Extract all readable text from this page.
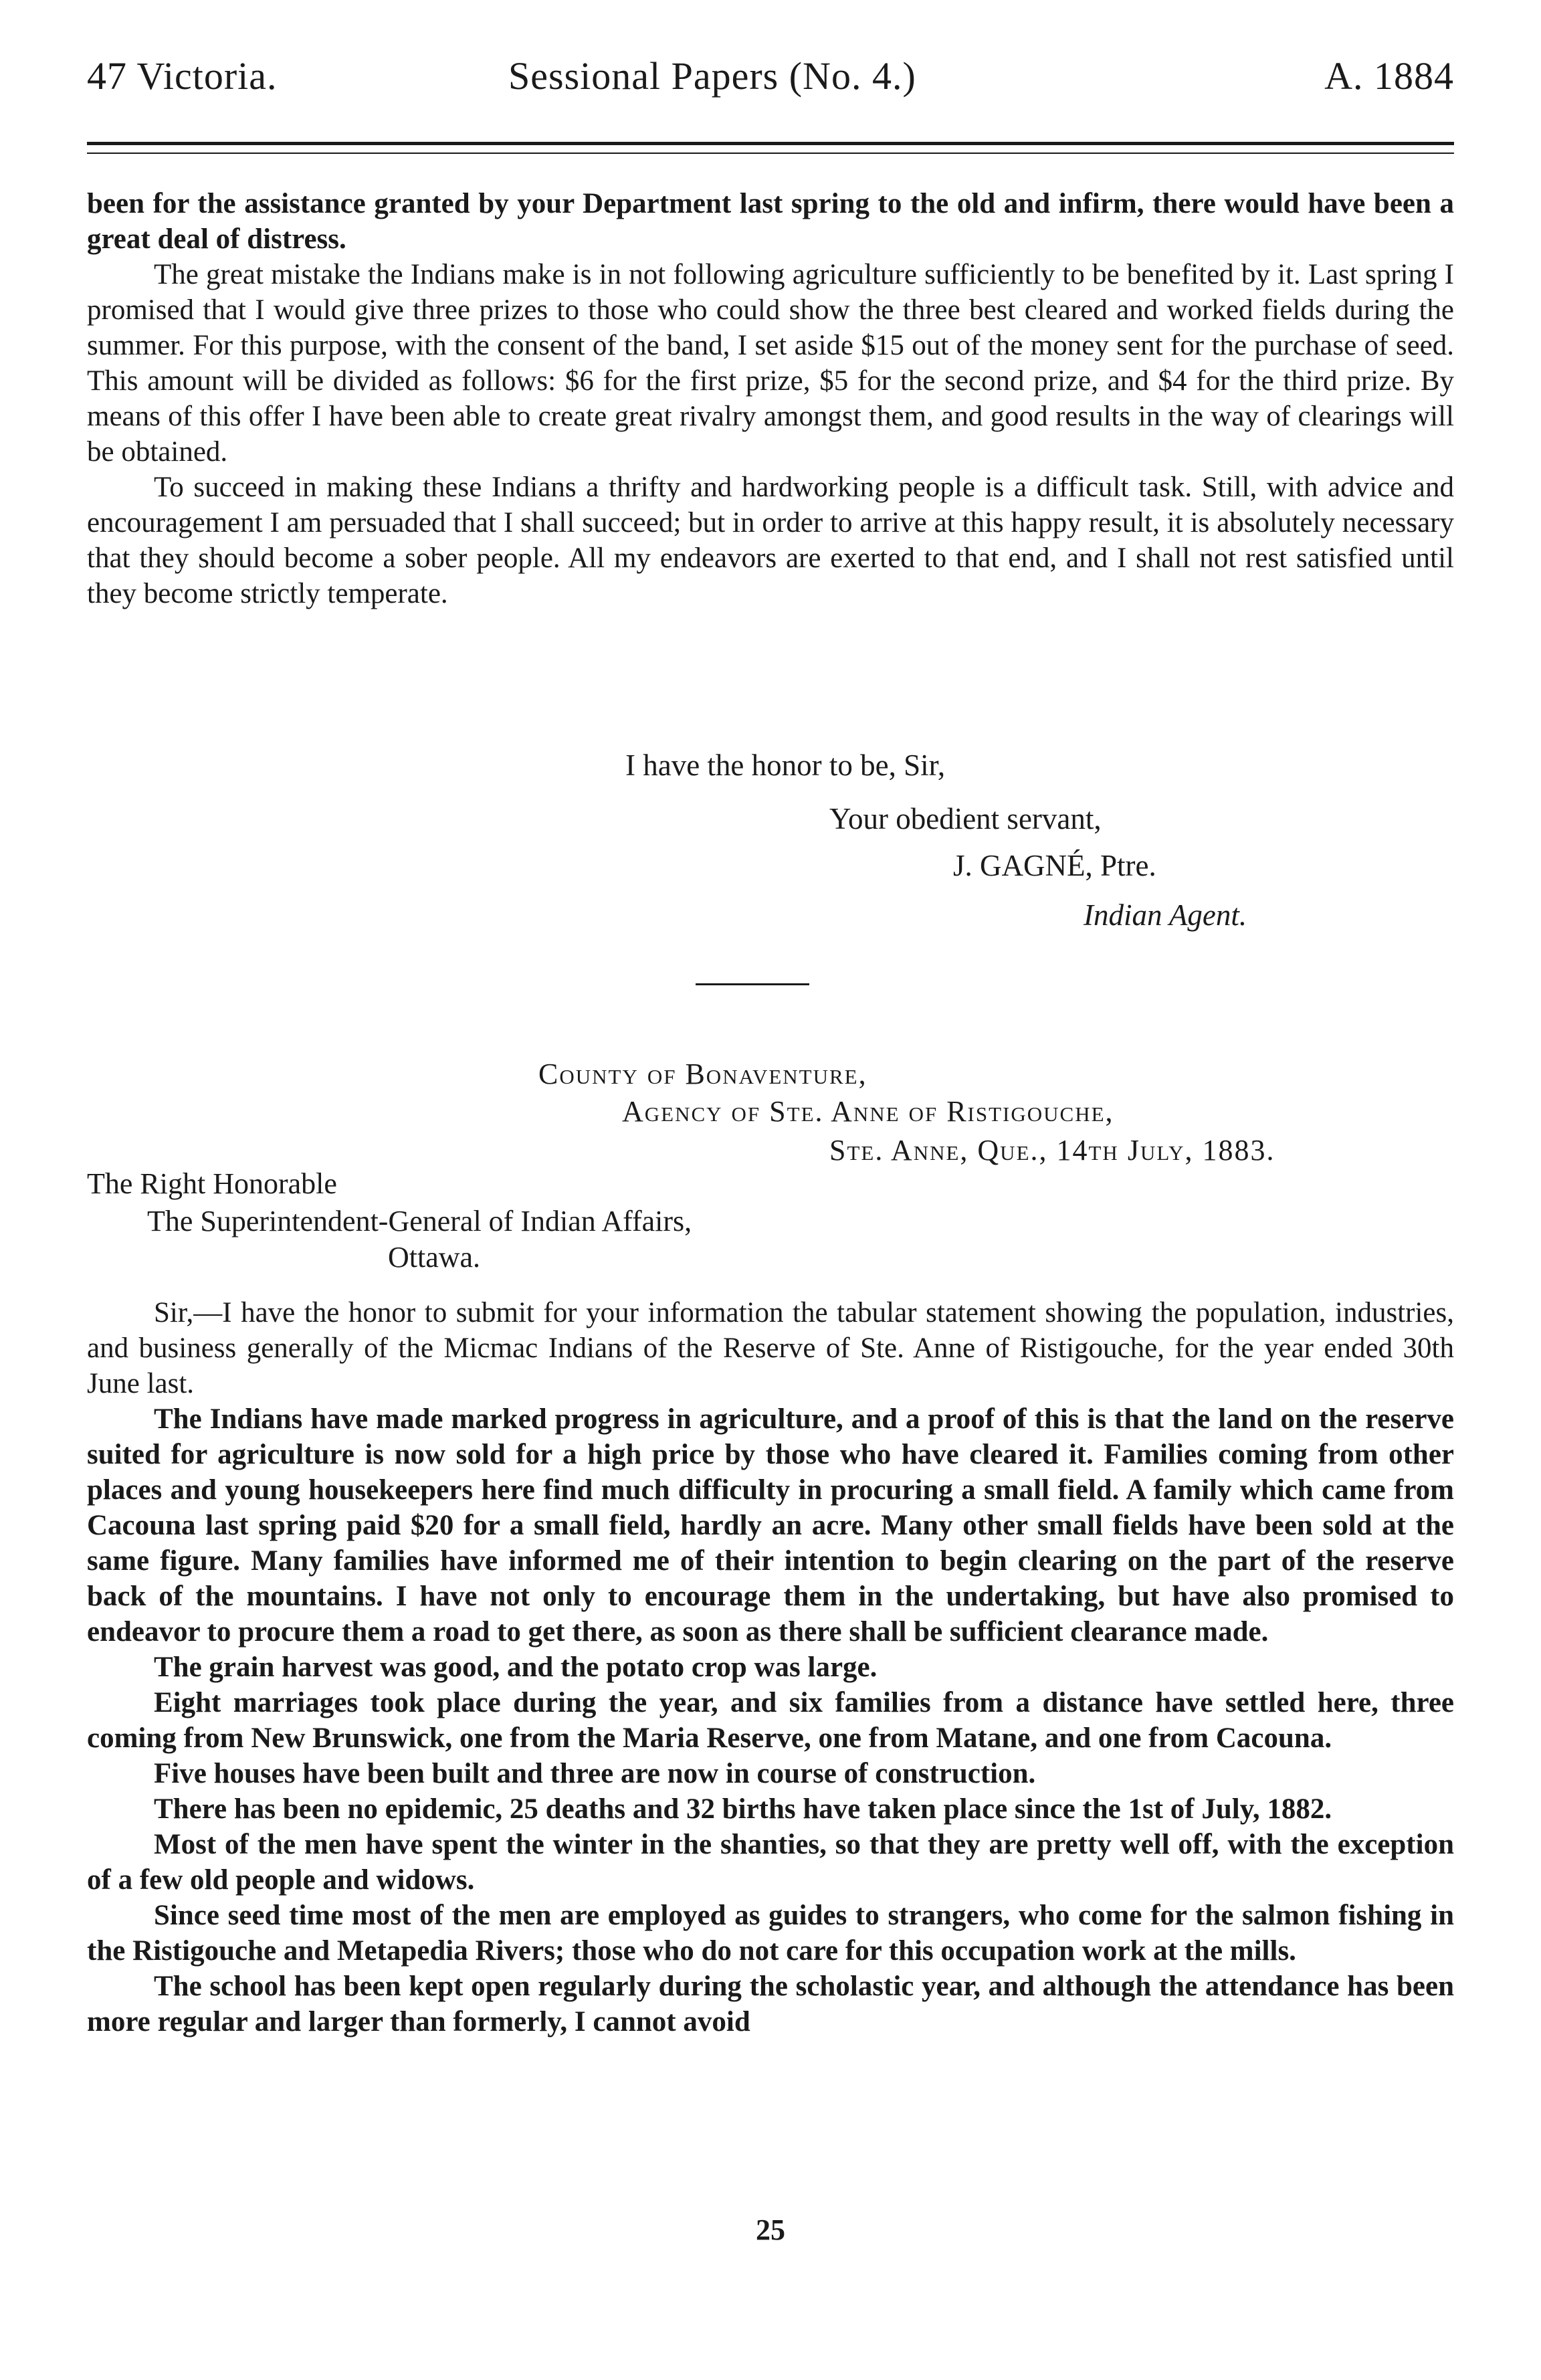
47 Victoria.	Sessional Papers (No. 4.)	A. 1884

been for the assistance granted by your Department last spring to the old and infirm, there would have been a great deal of distress.

The great mistake the Indians make is in not following agriculture sufficiently to be benefited by it. Last spring I promised that I would give three prizes to those who could show the three best cleared and worked fields during the summer. For this purpose, with the consent of the band, I set aside $15 out of the money sent for the purchase of seed. This amount will be divided as follows: $6 for the first prize, $5 for the second prize, and $4 for the third prize. By means of this offer I have been able to create great rivalry amongst them, and good results in the way of clearings will be obtained.

To succeed in making these Indians a thrifty and hardworking people is a difficult task. Still, with advice and encouragement I am persuaded that I shall succeed; but in order to arrive at this happy result, it is absolutely necessary that they should become a sober people. All my endeavors are exerted to that end, and I shall not rest satisfied until they become strictly temperate.

I have the honor to be, Sir,
Your obedient servant,
J. GAGNÉ, Ptre.
Indian Agent.
County of Bonaventure,
Agency of Ste. Anne of Ristigouche,
Ste. Anne, Que., 14th July, 1883.
The Right Honorable
The Superintendent-General of Indian Affairs,
Ottawa.

Sir,—I have the honor to submit for your information the tabular statement showing the population, industries, and business generally of the Micmac Indians of the Reserve of Ste. Anne of Ristigouche, for the year ended 30th June last.

The Indians have made marked progress in agriculture, and a proof of this is that the land on the reserve suited for agriculture is now sold for a high price by those who have cleared it. Families coming from other places and young housekeepers here find much difficulty in procuring a small field. A family which came from Cacouna last spring paid $20 for a small field, hardly an acre. Many other small fields have been sold at the same figure. Many families have informed me of their intention to begin clearing on the part of the reserve back of the mountains. I have not only to encourage them in the undertaking, but have also promised to endeavor to procure them a road to get there, as soon as there shall be sufficient clearance made.

The grain harvest was good, and the potato crop was large.

Eight marriages took place during the year, and six families from a distance have settled here, three coming from New Brunswick, one from the Maria Reserve, one from Matane, and one from Cacouna.

Five houses have been built and three are now in course of construction.

There has been no epidemic, 25 deaths and 32 births have taken place since the 1st of July, 1882.

Most of the men have spent the winter in the shanties, so that they are pretty well off, with the exception of a few old people and widows.

Since seed time most of the men are employed as guides to strangers, who come for the salmon fishing in the Ristigouche and Metapedia Rivers; those who do not care for this occupation work at the mills.

The school has been kept open regularly during the scholastic year, and although the attendance has been more regular and larger than formerly, I cannot avoid

25
